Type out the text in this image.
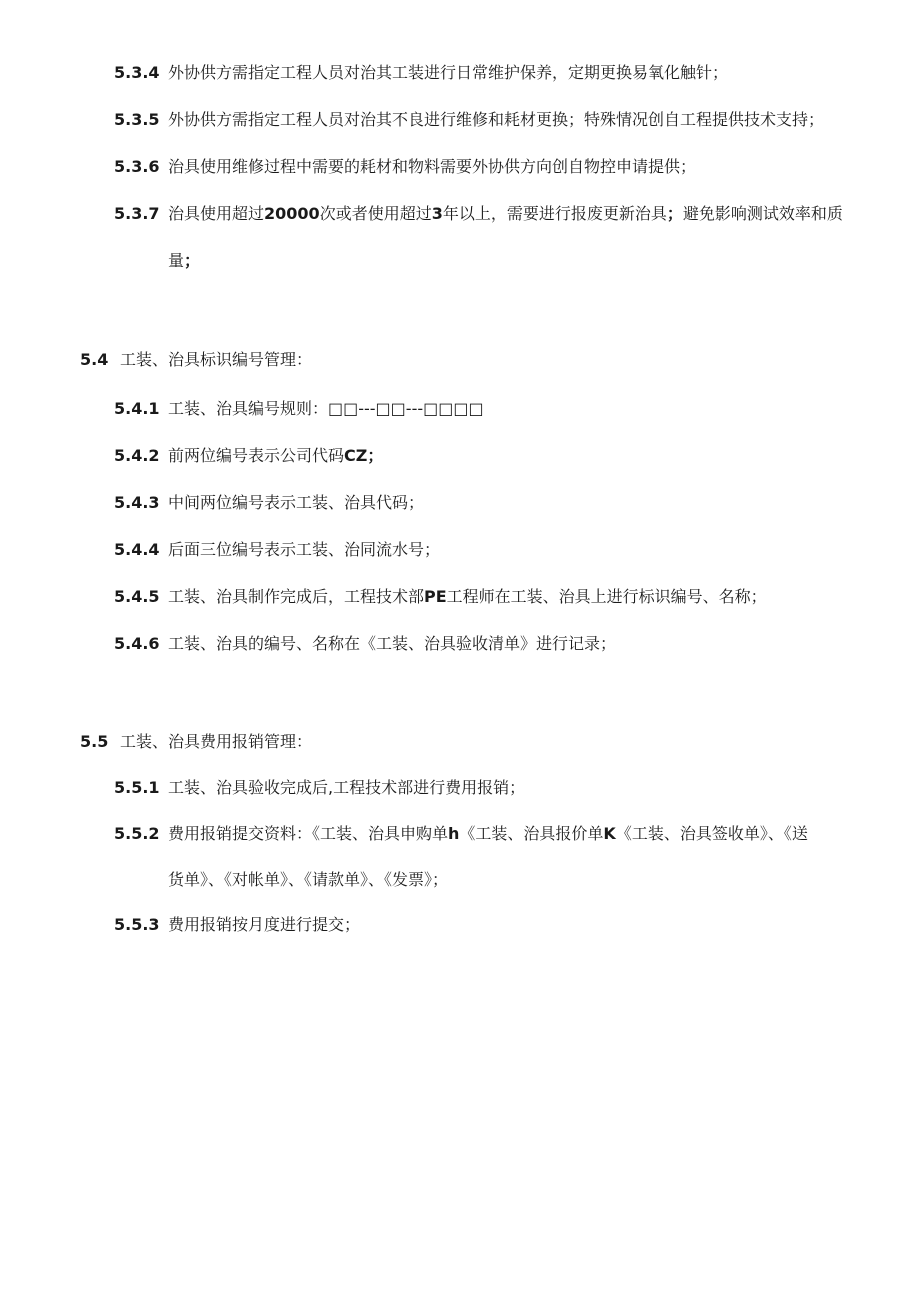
5.3.4 外协供方需指定工程人员对治其工装进行日常维护保养，定期更换易氧化触针；
5.3.5 外协供方需指定工程人员对治其不良进行维修和耗材更换；特殊情况创自工程提供技术支持；
5.3.6 治具使用维修过程中需要的耗材和物料需要外协供方向创自物控申请提供；
5.3.7 治具使用超过20000次或者使用超过3年以上，需要进行报废更新治具；避免影响测试效率和质
量；
5.4 工装、治具标识编号管理：
5.4.1 工装、治具编号规则：□□---□□---□□□□
5.4.2 前两位编号表示公司代码CZ；
5.4.3 中间两位编号表示工装、治具代码；
5.4.4 后面三位编号表示工装、治同流水号；
5.4.5 工装、治具制作完成后，工程技术部PE工程师在工装、治具上进行标识编号、名称；
5.4.6 工装、治具的编号、名称在《工装、治具验收清单》进行记录；
5.5 工装、治具费用报销管理：
5.5.1 工装、治具验收完成后,工程技术部进行费用报销；
5.5.2 费用报销提交资料：《工装、治具申购单h《工装、治具报价单K《工装、治具签收单》、《送
货单》、《对帐单》、《请款单》、《发票》；
5.5.3 费用报销按月度进行提交；
